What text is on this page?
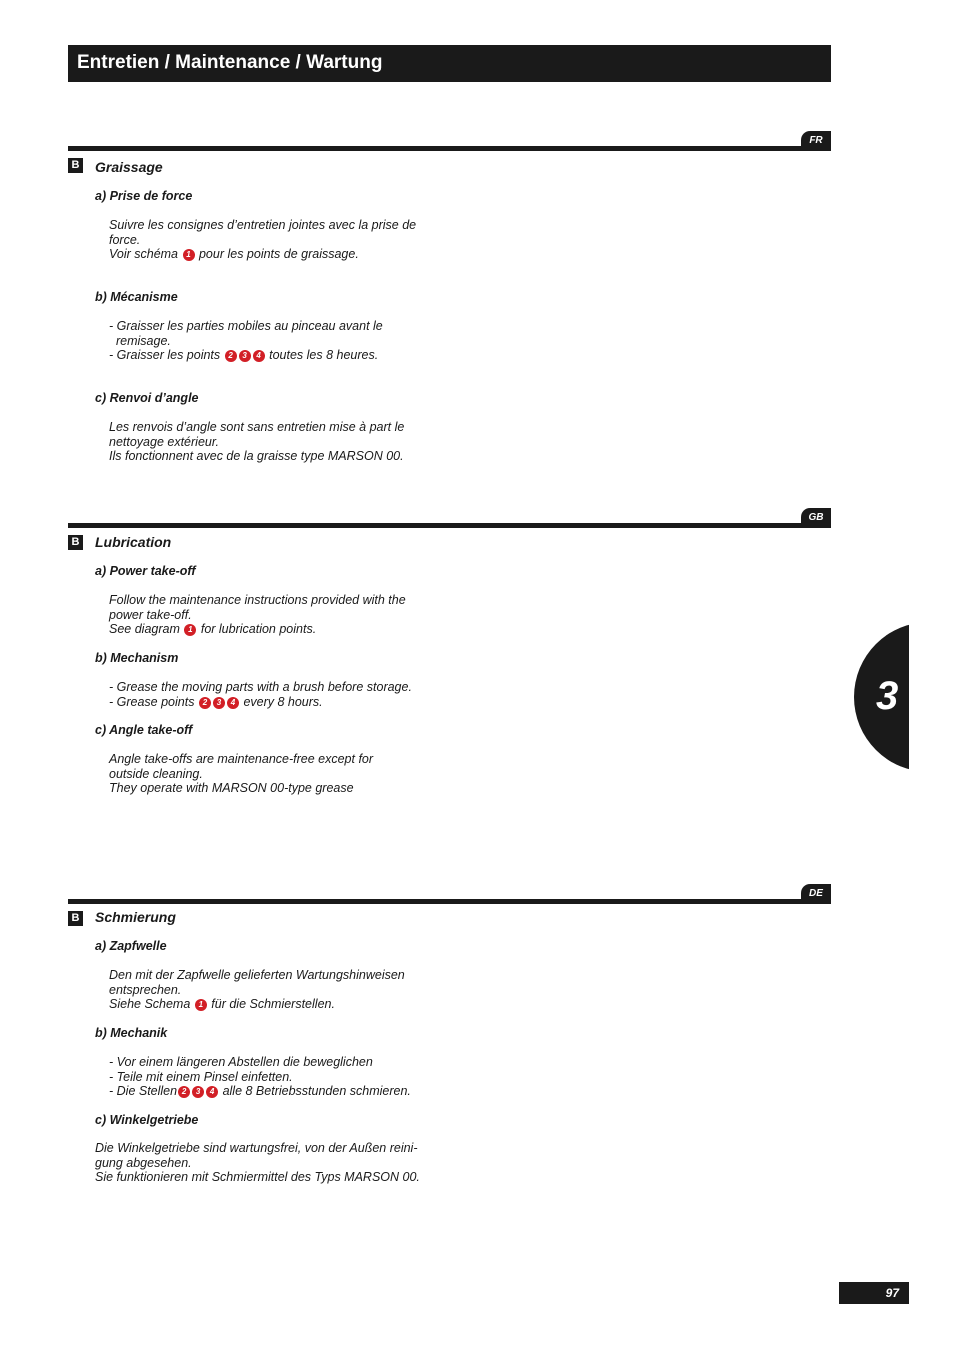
Entretien / Maintenance / Wartung
FR
B Graissage
a) Prise de force
Suivre les consignes d’entretien jointes avec la prise de
force.
Voir schéma 1 pour les points de graissage.
b) Mécanisme
- Graisser les parties mobiles au pinceau avant le
remisage.
- Graisser les points 2 3 4 toutes les 8 heures.
c) Renvoi d’angle
Les renvois d’angle sont sans entretien mise à part le
nettoyage extérieur.
Ils fonctionnent avec de la graisse type MARSON 00.
GB
B Lubrication
a) Power take-off
Follow the maintenance instructions provided with the
power take-off.
See diagram 1 for lubrication points.
b) Mechanism
- Grease the moving parts with a brush before storage.
- Grease points 2 3 4 every 8 hours.
c) Angle take-off
Angle take-offs are maintenance-free except for
outside cleaning.
They operate with MARSON 00-type grease
3
DE
B Schmierung
a) Zapfwelle
Den mit der Zapfwelle gelieferten Wartungshinweisen
entsprechen.
Siehe Schema 1 für die Schmierstellen.
b) Mechanik
- Vor einem längeren Abstellen die beweglichen
- Teile mit einem Pinsel einfetten.
- Die Stellen 2 3 4 alle 8 Betriebsstunden schmieren.
c) Winkelgetriebe
Die Winkelgetriebe sind wartungsfrei, von der Außen reini-
gung abgesehen.
Sie funktionieren mit Schmiermittel des Typs MARSON 00.
97
